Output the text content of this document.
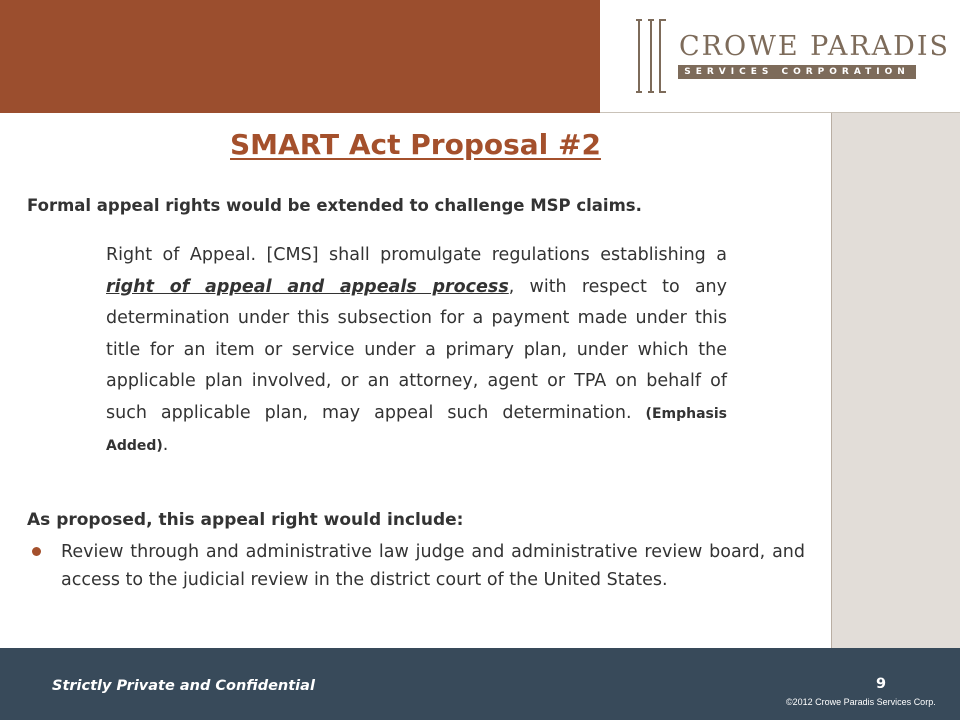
CROWE PARADIS
SERVICES CORPORATION
SMART Act Proposal #2

Formal appeal rights would be extended to challenge MSP claims.

Right of Appeal. [CMS] shall promulgate regulations establishing a right of appeal and appeals process, with respect to any determination under this subsection for a payment made under this title for an item or service under a primary plan, under which the applicable plan involved, or an attorney, agent or TPA on behalf of such applicable plan, may appeal such determination. (Emphasis Added).

As proposed, this appeal right would include:

Review through and administrative law judge and administrative review board, and access to the judicial review in the district court of the United States.

Strictly Private and Confidential	9
©2012 Crowe Paradis Services Corp.
